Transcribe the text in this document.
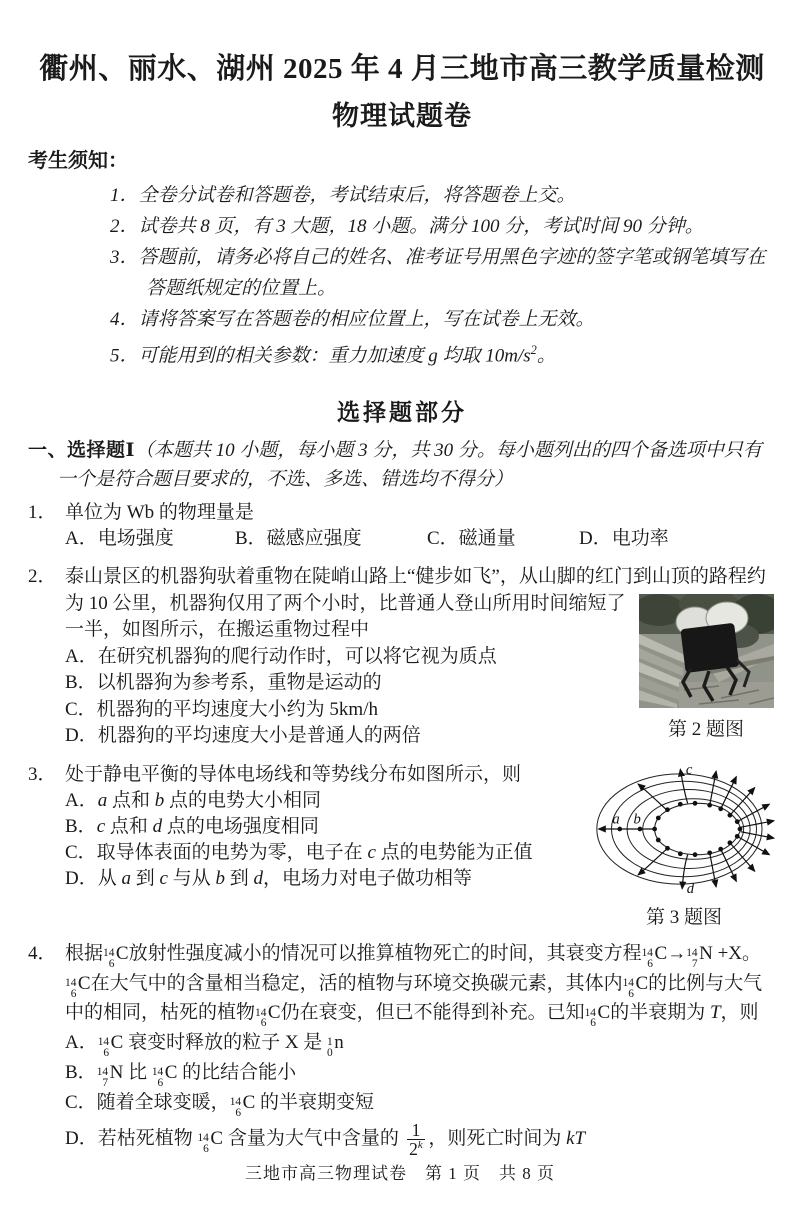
衢州、丽水、湖州 2025 年 4 月三地市高三教学质量检测
物理试题卷
考生须知：
1．全卷分试卷和答题卷，考试结束后，将答题卷上交。
2．试卷共 8 页，有 3 大题，18 小题。满分 100 分，考试时间 90 分钟。
3．答题前，请务必将自己的姓名、准考证号用黑色字迹的签字笔或钢笔填写在答题纸规定的位置上。
4．请将答案写在答题卷的相应位置上，写在试卷上无效。
5．可能用到的相关参数：重力加速度 g 均取 $10m/s^2$。
选择题部分
一、选择题Ⅰ（本题共 10 小题，每小题 3 分，共 30 分。每小题列出的四个备选项中只有一个是符合题目要求的，不选、多选、错选均不得分）
1． 单位为 Wb 的物理量是
A．电场强度	B．磁感应强度	C．磁通量	D．电功率
2． 泰山景区的机器狗驮着重物在陡峭山路上“健步如飞”，从山脚的红门到山顶的路程
第 2 题图
约为 10 公里，机器狗仅用了两个小时，比普通人登山所用时间缩短了一半，如图所示，在搬运重物过程中
A．在研究机器狗的爬行动作时，可以将它视为质点
B．以机器狗为参考系，重物是运动的
C．机器狗的平均速度大小约为 5km/h
D．机器狗的平均速度大小是普通人的两倍
3．
a b
c
d
第 3 题图
处于静电平衡的导体电场线和等势线分布如图所示，则
A．a 点和 b 点的电势大小相同
B．c 点和 d 点的电场强度相同
C．取导体表面的电势为零，电子在 c 点的电势能为正值
D．从 a 到 c 与从 b 到 d，电场力对电子做功相等
4． 根据 14
6 C放射性强度减小的情况可以推算植物死亡的时间，其衰变方程 14
6 C→ 14
7 N +X。
14
6 C在大气中的含量相当稳定，活的植物与环境交换碳元素，其体内 14
6 C的比例与大气中的相同，枯死的植物 14
6 C仍在衰变，但已不能得到补充。已知 14
6 C的半衰期为 T，则
A． 14
6 C 衰变时释放的粒子 X 是 1
0 n
B． 14
7 N 比 14
6 C 的比结合能小
C．随着全球变暖， 14
6 C 的半衰期变短
D．若枯死植物 14
6 C 含量为大气中含量的 $\frac{1}{2^k}$ ，则死亡时间为 kT
三地市高三物理试卷　第 1 页　共 8 页
